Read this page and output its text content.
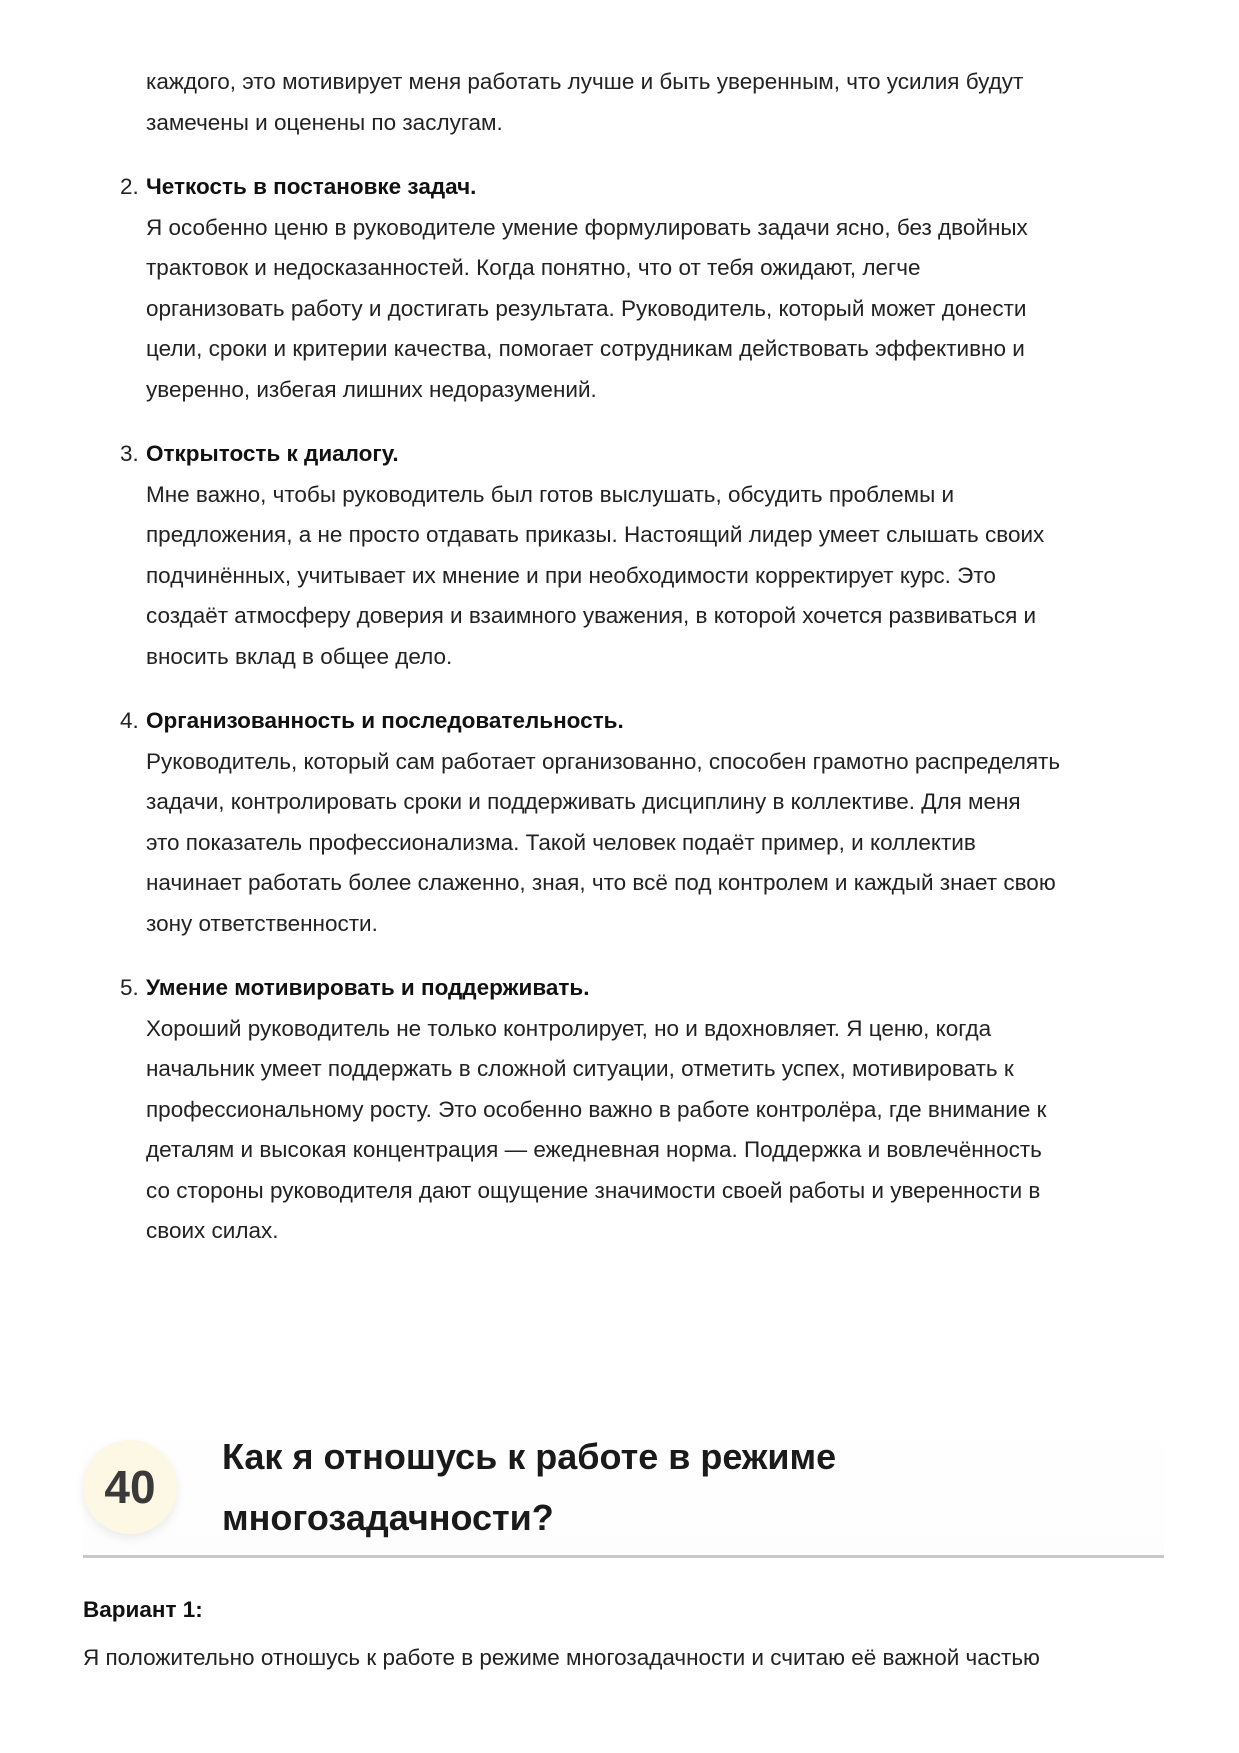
каждого, это мотивирует меня работать лучше и быть уверенным, что усилия будут
замечены и оценены по заслугам.
2. Четкость в постановке задач.
Я особенно ценю в руководителе умение формулировать задачи ясно, без двойных
трактовок и недосказанностей. Когда понятно, что от тебя ожидают, легче
организовать работу и достигать результата. Руководитель, который может донести
цели, сроки и критерии качества, помогает сотрудникам действовать эффективно и
уверенно, избегая лишних недоразумений.
3. Открытость к диалогу.
Мне важно, чтобы руководитель был готов выслушать, обсудить проблемы и
предложения, а не просто отдавать приказы. Настоящий лидер умеет слышать своих
подчинённых, учитывает их мнение и при необходимости корректирует курс. Это
создаёт атмосферу доверия и взаимного уважения, в которой хочется развиваться и
вносить вклад в общее дело.
4. Организованность и последовательность.
Руководитель, который сам работает организованно, способен грамотно распределять
задачи, контролировать сроки и поддерживать дисциплину в коллективе. Для меня
это показатель профессионализма. Такой человек подаёт пример, и коллектив
начинает работать более слаженно, зная, что всё под контролем и каждый знает свою
зону ответственности.
5. Умение мотивировать и поддерживать.
Хороший руководитель не только контролирует, но и вдохновляет. Я ценю, когда
начальник умеет поддержать в сложной ситуации, отметить успех, мотивировать к
профессиональному росту. Это особенно важно в работе контролёра, где внимание к
деталям и высокая концентрация — ежедневная норма. Поддержка и вовлечённость
со стороны руководителя дают ощущение значимости своей работы и уверенности в
своих силах.
40
Как я отношусь к работе в режиме
многозадачности?
Вариант 1:
Я положительно отношусь к работе в режиме многозадачности и считаю её важной частью
